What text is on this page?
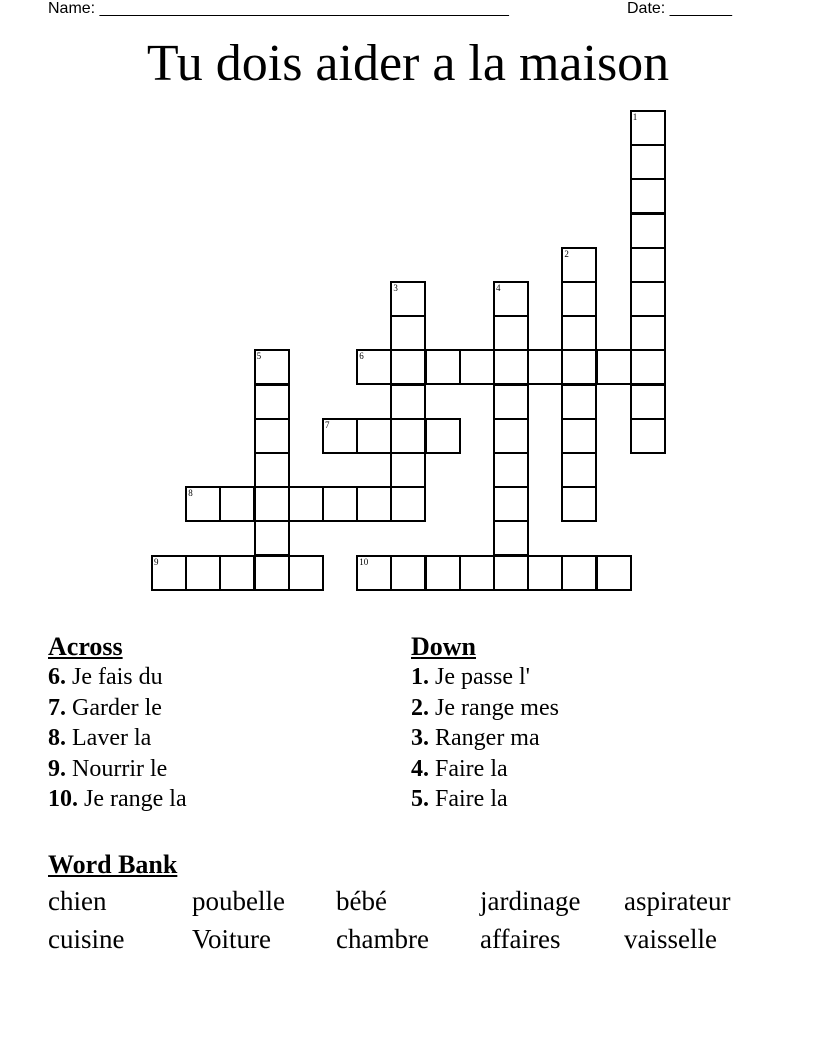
Name: ______________________________________________	Date: _______
Tu dois aider a la maison
1
2
3	4
5	6
7
8
9	10
Across
6. Je fais du
7. Garder le
8. Laver la
9. Nourrir le
10. Je range la
Down
1. Je passe l'
2. Je range mes
3. Ranger ma
4. Faire la
5. Faire la
Word Bank
chien	poubelle	bébé	jardinage	aspirateur
cuisine	Voiture	chambre	affaires	vaisselle
